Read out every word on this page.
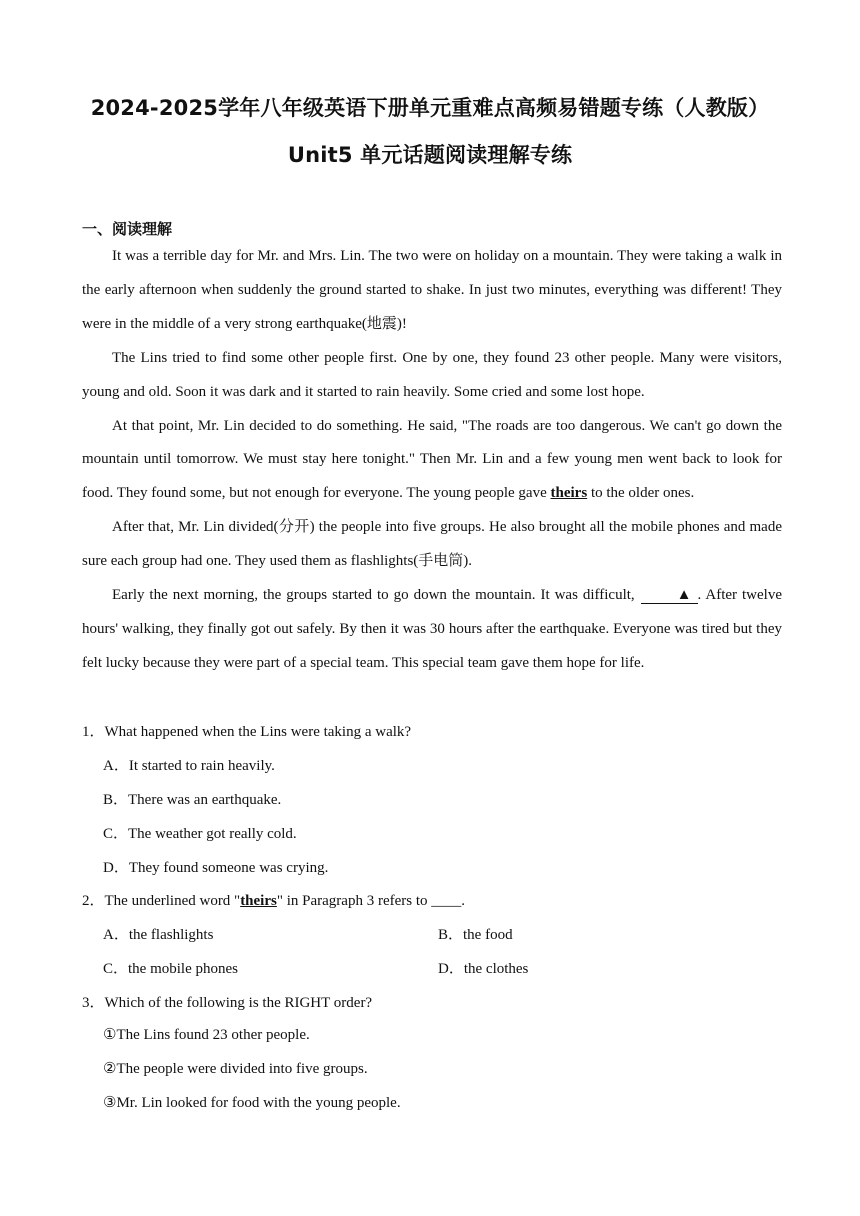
2024-2025学年八年级英语下册单元重难点高频易错题专练（人教版）
Unit5 单元话题阅读理解专练
一、阅读理解

It was a terrible day for Mr. and Mrs. Lin. The two were on holiday on a mountain. They were taking a walk in the early afternoon when suddenly the ground started to shake. In just two minutes, everything was different! They were in the middle of a very strong earthquake(地震)!

The Lins tried to find some other people first. One by one, they found 23 other people. Many were visitors, young and old. Soon it was dark and it started to rain heavily. Some cried and some lost hope.

At that point, Mr. Lin decided to do something. He said, "The roads are too dangerous. We can't go down the mountain until tomorrow. We must stay here tonight." Then Mr. Lin and a few young men went back to look for food. They found some, but not enough for everyone. The young people gave theirs to the older ones.

After that, Mr. Lin divided(分开) the people into five groups. He also brought all the mobile phones and made sure each group had one. They used them as flashlights(手电筒).

Early the next morning, the groups started to go down the mountain. It was difficult,	▲ . After twelve hours' walking, they finally got out safely. By then it was 30 hours after the earthquake. Everyone was tired but they felt lucky because they were part of a special team. This special team gave them hope for life.

1．What happened when the Lins were taking a walk?
A．It started to rain heavily.
B．There was an earthquake.
C．The weather got really cold.
D．They found someone was crying.
2．The underlined word "theirs" in Paragraph 3 refers to ____.
A．the flashlights	B．the food
C．the mobile phones	D．the clothes
3．Which of the following is the RIGHT order?
①The Lins found 23 other people.
②The people were divided into five groups.
③Mr. Lin looked for food with the young people.
